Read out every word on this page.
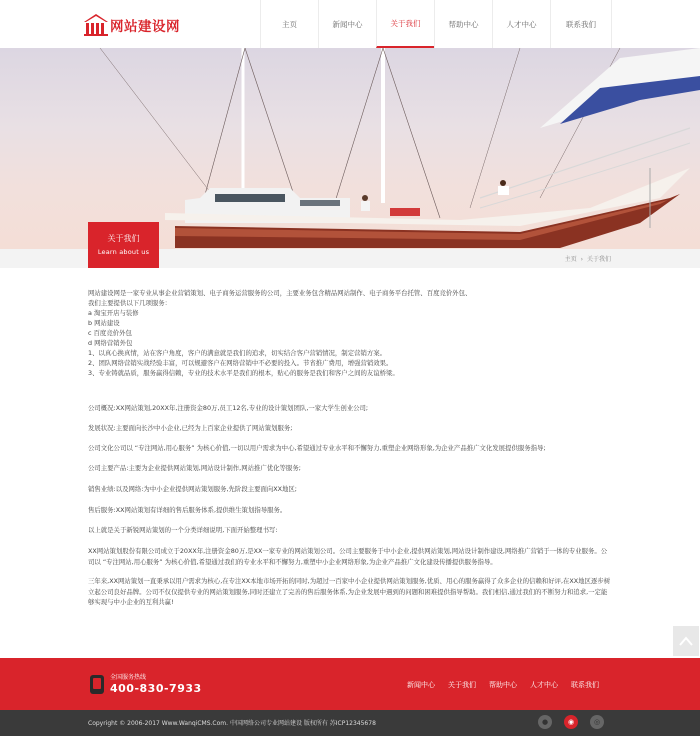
网站建设网	主页	新闻中心	关于我们	帮助中心	人才中心	联系我们
关于我们
Learn about us
主页 › 关于我们

网站建设网是一家专业从事企业营销策划、电子商务运营服务的公司，主要业务包含精品网站制作、电子商务平台托管、百度竞价外包、

我们主要提供以下几项服务：

a 淘宝开店与装修

b 网站建设

c 百度竞价外包

d 网络营销外包

1、以真心换真情，站在客户角度，客户的满意就是我们的追求，切实结合客户营销情况，制定营销方案。

2、团队网络营销实战经验丰富，可以规避客户在网络营销中不必要的投入。节省推广费用，增强营销效果。

3、专业铸就品质，服务赢得信赖，专业的技术水平是我们的根本，贴心的服务是我们和客户之间的友谊桥梁。

公司概况:XX网站策划,20XX年,注册资金80万,员工12名,专业的设计策划团队,一家大学生创业公司;
发展状况:主要面向长沙中小企业,已经为上百家企业提供了网站策划服务;
公司文化公司以 “专注网站,用心服务” 为核心价值,一切以用户需求为中心,希望通过专业水平和不懈努力,重塑企业网络形象,为企业产品推广文化发展提供服务指导;
公司主要产品:主要为企业提供网站策划,网站设计制作,网站推广优化等服务;
销售业绩:以及网络:为中小企业提供网站策划服务,先阶段主要面向XX地区;
售后服务:XX网站策划有详细的售后服务体系,提供维生策划指导服务。
以上就是关于新锐网站策划的一个分类详细说明,下面开始整理书写:
XX网站策划股份有限公司成立于20XX年,注册资金80万,是XX一家专业的网站策划公司。公司主要服务于中小企业,提供网站策划,网站设计制作建设,网络推广营销于一体的专业服务。公司以 “专注网站,用心服务” 为核心价值,希望通过我们的专业水平和不懈努力,重塑中小企业网络形象,为企业产品推广文化建设传播提供服务指导。
三年来,XX网站策划一直秉承以用户需求为核心,在专注XX本地市场开拓的同时,为超过一百家中小企业提供网站策划服务,优质、用心的服务赢得了众多企业的信赖和好评,在XX地区逐步树立起公司良好品牌。公司不仅仅提供专业的网站策划服务,同时还建立了完善的售后服务体系,为企业发展中遇到的问题和困难提供指导帮助。我们相信,通过我们的不断努力和追求,一定能够实现与中小企业的互利共赢!
全国服务热线
400-830-7933	新闻中心 关于我们 帮助中心 人才中心 联系我们
Copyright © 2006-2017 Www.WanqiCMS.Com. 中国网络公司专业网站建设 版权所有 苏ICP12345678	●	◉	◎
